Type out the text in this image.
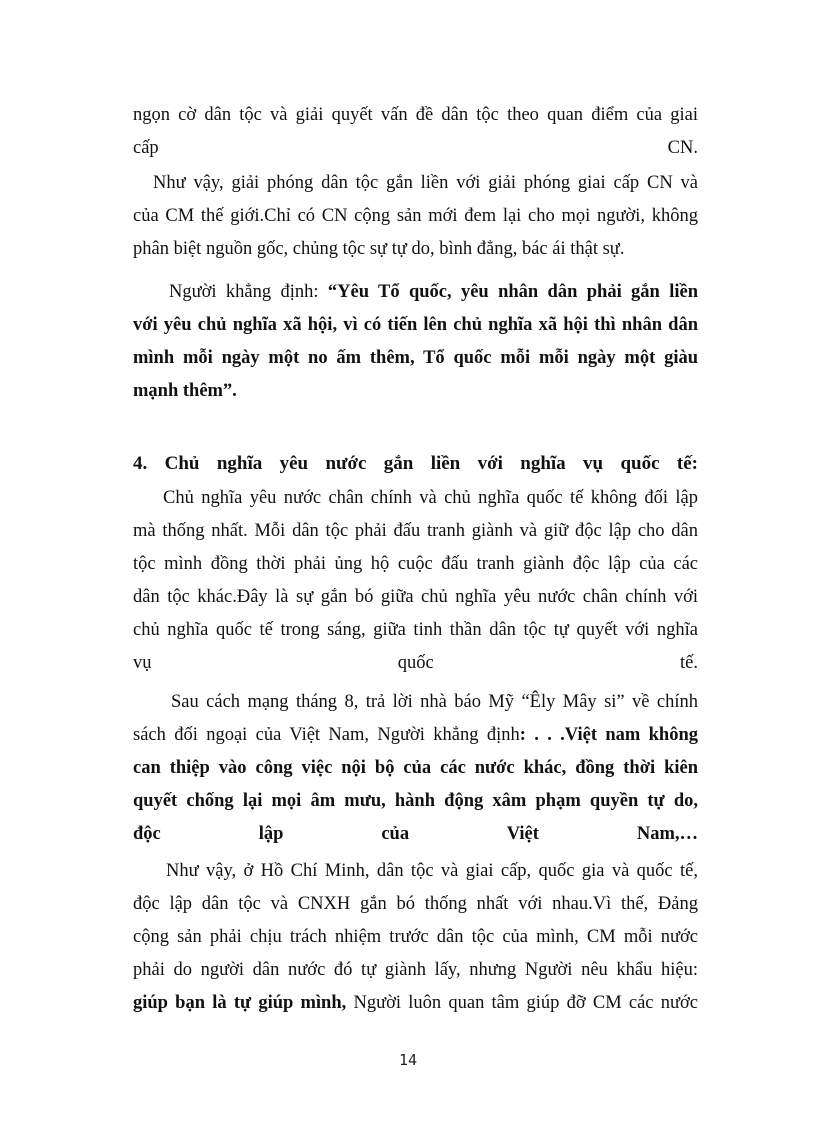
ngọn cờ dân tộc và giải quyết vấn đề dân tộc theo quan điểm của giai
cấp CN.
Như vậy, giải phóng dân tộc gắn liền với giải phóng giai cấp CN và
của CM thế giới.Chỉ có CN cộng sản mới đem lại cho mọi người, không
phân biệt nguồn gốc, chủng tộc sự tự do, bình đẳng, bác ái thật sự.
Người khẳng định: “Yêu Tổ quốc, yêu nhân dân phải gắn liền
với yêu chủ nghĩa xã hội, vì có tiến lên chủ nghĩa xã hội thì nhân dân
mình mỗi ngày một no ấm thêm, Tổ quốc mỗi mỗi ngày một giàu
mạnh thêm”.
4. Chủ nghĩa yêu nước gắn liền với nghĩa vụ quốc tế:
Chủ nghĩa yêu nước chân chính và chủ nghĩa quốc tế không đối lập
mà thống nhất. Mỗi dân tộc phải đấu tranh giành và giữ độc lập cho dân
tộc mình đồng thời phải ủng hộ cuộc đấu tranh giành độc lập của các
dân tộc khác.Đây là sự gắn bó giữa chủ nghĩa yêu nước chân chính với
chủ nghĩa quốc tế trong sáng, giữa tinh thần dân tộc tự quyết với nghĩa
vụ quốc tế.
Sau cách mạng tháng 8, trả lời nhà báo Mỹ “Êly Mây si” về chính
sách đối ngoại của Việt Nam, Người khẳng định: . . .Việt nam không
can thiệp vào công việc nội bộ của các nước khác, đồng thời kiên
quyết chống lại mọi âm mưu, hành động xâm phạm quyền tự do,
độc lập của Việt Nam,…
Như vậy, ở Hồ Chí Minh, dân tộc và giai cấp, quốc gia và quốc tế,
độc lập dân tộc và CNXH gắn bó thống nhất với nhau.Vì thế, Đảng
cộng sản phải chịu trách nhiệm trước dân tộc của mình, CM mỗi nước
phải do người dân nước đó tự giành lấy, nhưng Người nêu khẩu hiệu:
giúp bạn là tự giúp mình, Người luôn quan tâm giúp đỡ CM các nước
14
